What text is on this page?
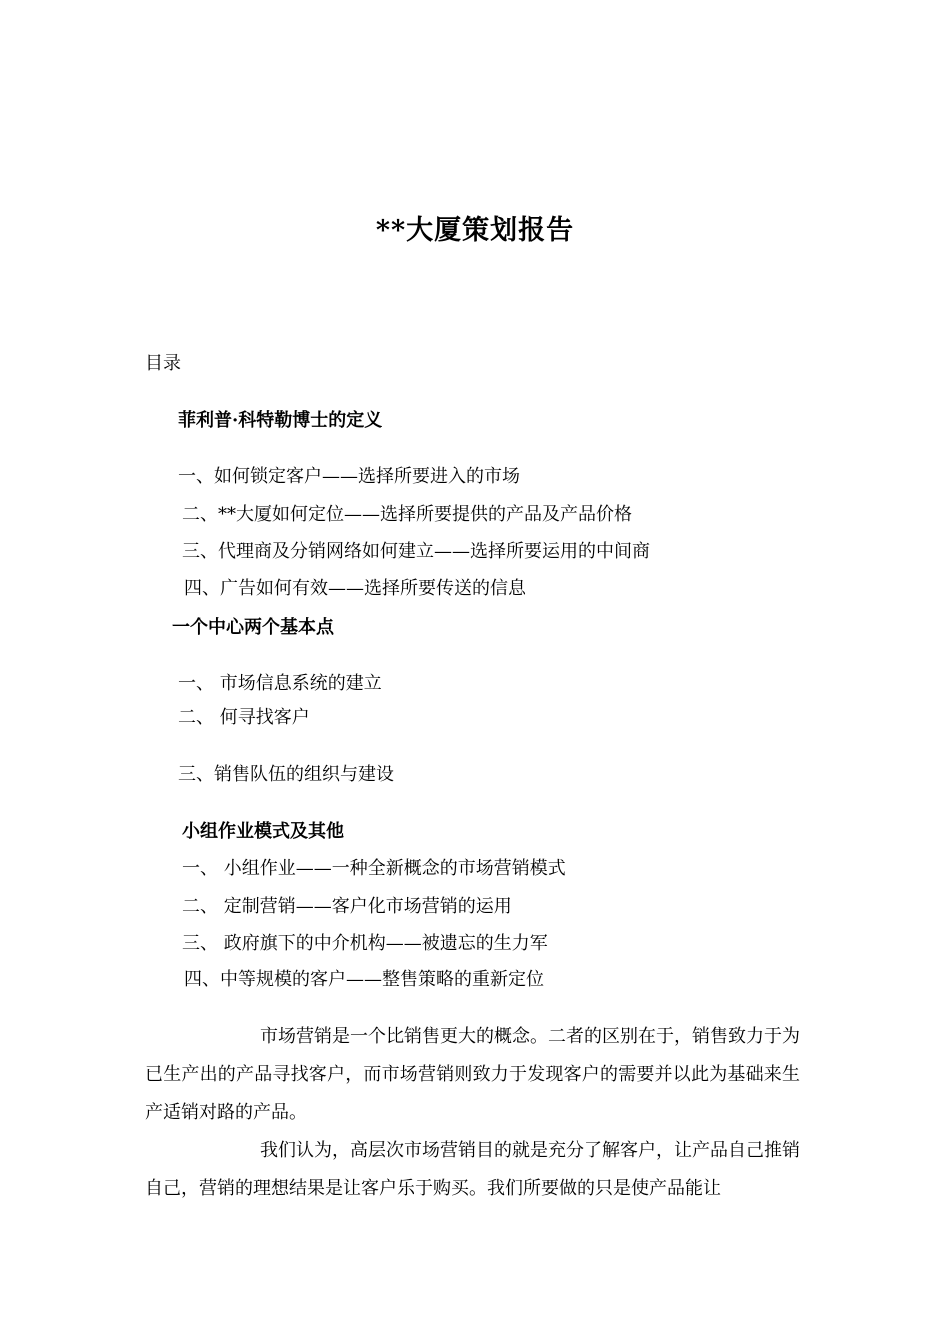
**大厦策划报告
目录
菲利普·科特勒博士的定义
一、如何锁定客户——选择所要进入的市场
二、**大厦如何定位——选择所要提供的产品及产品价格
三、代理商及分销网络如何建立——选择所要运用的中间商
四、广告如何有效——选择所要传送的信息
一个中心两个基本点
一、 市场信息系统的建立
二、 何寻找客户
三、销售队伍的组织与建设
小组作业模式及其他
一、 小组作业——一种全新概念的市场营销模式
二、 定制营销——客户化市场营销的运用
三、 政府旗下的中介机构——被遗忘的生力军
四、中等规模的客户——整售策略的重新定位
市场营销是一个比销售更大的概念。二者的区别在于，销售致力于为已生产出的产品寻找客户，而市场营销则致力于发现客户的需要并以此为基础来生产适销对路的产品。
我们认为，高层次市场营销目的就是充分了解客户，让产品自己推销自己，营销的理想结果是让客户乐于购买。我们所要做的只是使产品能让
